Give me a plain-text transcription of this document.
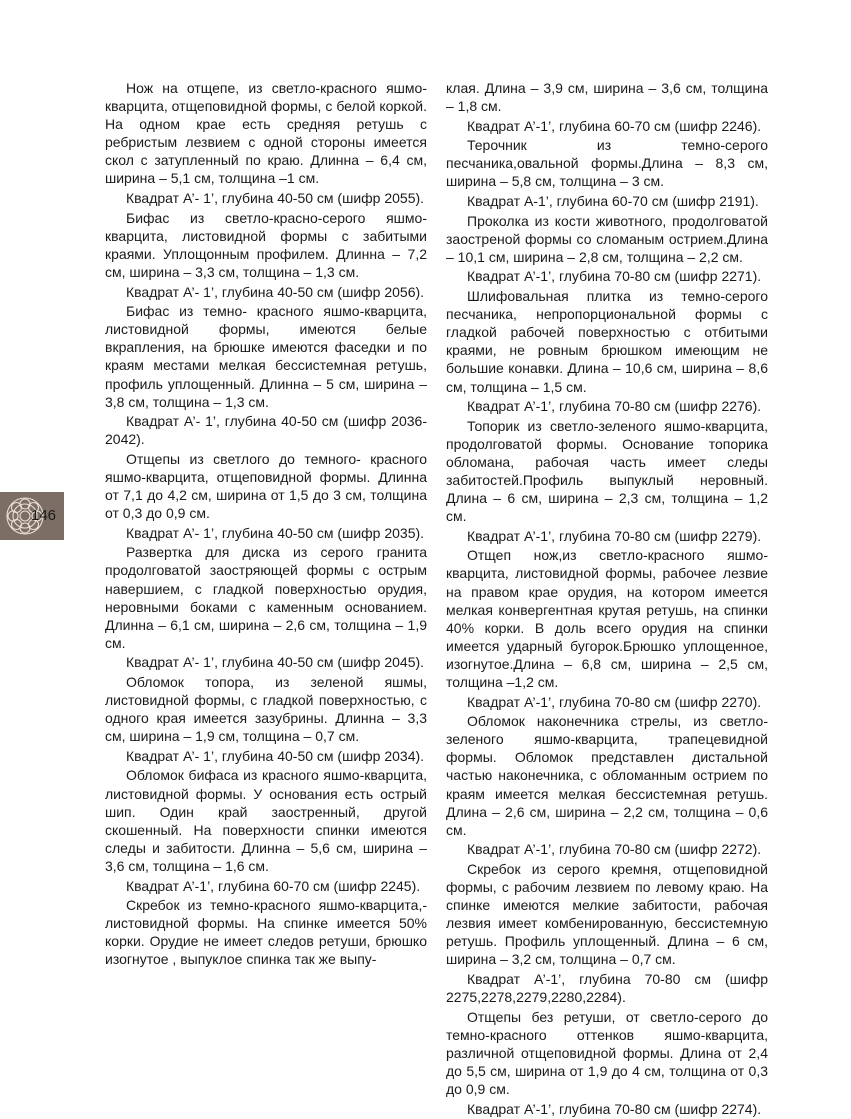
Нож на отщепе, из светло-красного яшмо-кварцита, отщеповидной формы, с белой коркой. На одном крае есть средняя ретушь с ребристым лезвием с одной стороны имеется скол с затупленный по краю. Длинна – 6,4 см, ширина – 5,1 см, толщина –1 см.

Квадрат А’- 1’, глубина 40-50 см (шифр 2055).

Бифас из светло-красно-серого яшмо-кварцита, листовидной формы с забитыми краями. Уплощонным профилем. Длинна – 7,2 см, ширина – 3,3 см, толщина – 1,3 см.

Квадрат А’- 1’, глубина 40-50 см (шифр 2056).

Бифас из темно- красного яшмо-кварцита, листовидной формы, имеются белые вкрапления, на брюшке имеются фаседки и по краям местами мелкая бессистемная ретушь, профиль уплощенный. Длинна – 5 см, ширина – 3,8 см, толщина – 1,3 см.

Квадрат А’- 1’, глубина 40-50 см (шифр 2036-2042).

Отщепы из светлого до темного- красного яшмо-кварцита, отщеповидной формы. Длинна от 7,1 до 4,2 см, ширина от 1,5 до 3 см, толщина от 0,3 до 0,9 см.

Квадрат А’- 1’, глубина 40-50 см (шифр 2035).

Развертка для диска из серого гранита продолговатой заостряющей формы с острым навершием, с гладкой поверхностью орудия, неровными боками с каменным основанием. Длинна – 6,1 см, ширина – 2,6 см, толщина – 1,9 см.

Квадрат А’- 1’, глубина 40-50 см (шифр 2045).

Обломок топора, из зеленой яшмы, листовидной формы, с гладкой поверхностью, с одного края имеется зазубрины. Длинна – 3,3 см, ширина – 1,9 см, толщина – 0,7 см.

Квадрат А’- 1’, глубина 40-50 см (шифр 2034).

Обломок бифаса из красного яшмо-кварцита, листовидной формы. У основания есть острый шип. Один край заостренный, другой скошенный. На поверхности спинки имеются следы и забитости. Длинна – 5,6 см, ширина – 3,6 см, толщина – 1,6 см.

Квадрат А’-1’, глубина 60-70 см (шифр 2245).

Скребок из темно-красного яшмо-кварцита,-листовидной формы. На спинке имеется 50% корки. Орудие не имеет следов ретуши, брюшко изогнутое , выпуклое спинка так же выпу-

клая. Длина – 3,9 см, ширина – 3,6 см, толщина – 1,8 см.

Квадрат А’-1’, глубина 60-70 см (шифр 2246).

Терочник из темно-серого песчаника,овальной формы.Длина – 8,3 см, ширина – 5,8 см, толщина – 3 см.

Квадрат А-1’, глубина 60-70 см (шифр 2191).

Проколка из кости животного, продолговатой заостреной формы со сломаным острием.Длина – 10,1 см, ширина – 2,8 см, толщина – 2,2 см.

Квадрат А’-1’, глубина 70-80 см (шифр 2271).

Шлифовальная плитка из темно-серого песчаника, непропорциональной формы с гладкой рабочей поверхностью с отбитыми краями, не ровным брюшком имеющим не большие конавки. Длина – 10,6 см, ширина – 8,6 см, толщина – 1,5 см.

Квадрат А’-1’, глубина 70-80 см (шифр 2276).

Топорик из светло-зеленого яшмо-кварцита, продолговатой формы. Основание топорика обломана, рабочая часть имеет следы забитостей.Профиль выпуклый неровный. Длина – 6 см, ширина – 2,3 см, толщина – 1,2 см.

Квадрат А’-1’, глубина 70-80 см (шифр 2279).

Отщеп нож,из светло-красного яшмо-кварцита, листовидной формы, рабочее лезвие на правом крае орудия, на котором имеется мелкая конвергентная крутая ретушь, на спинки 40% корки. В доль всего орудия на спинки имеется ударный бугорок.Брюшко уплощенное, изогнутое.Длина – 6,8 см, ширина – 2,5 см, толщина –1,2 см.

Квадрат А’-1’, глубина 70-80 см (шифр 2270).

Обломок наконечника стрелы, из светло-зеленого яшмо-кварцита, трапецевидной формы. Обломок представлен дистальной частью наконечника, с обломанным острием по краям имеется мелкая бессистемная ретушь. Длина – 2,6 см, ширина – 2,2 см, толщина – 0,6 см.

Квадрат А’-1’, глубина 70-80 см (шифр 2272).

Скребок из серого кремня, отщеповидной формы, с рабочим лезвием по левому краю. На спинке имеются мелкие забитости, рабочая лезвия имеет комбенированную, бессистемную ретушь. Профиль уплощенный. Длина – 6 см, ширина – 3,2 см, толщина – 0,7 см.

Квадрат А’-1’, глубина 70-80 см (шифр 2275,2278,2279,2280,2284).

Отщепы без ретуши, от светло-серого до темно-красного оттенков яшмо-кварцита, различной отщеповидной формы. Длина от 2,4 до 5,5 см, ширина от 1,9 до 4 см, толщина от 0,3 до 0,9 см.

Квадрат А’-1’, глубина 70-80 см (шифр 2274).

146
